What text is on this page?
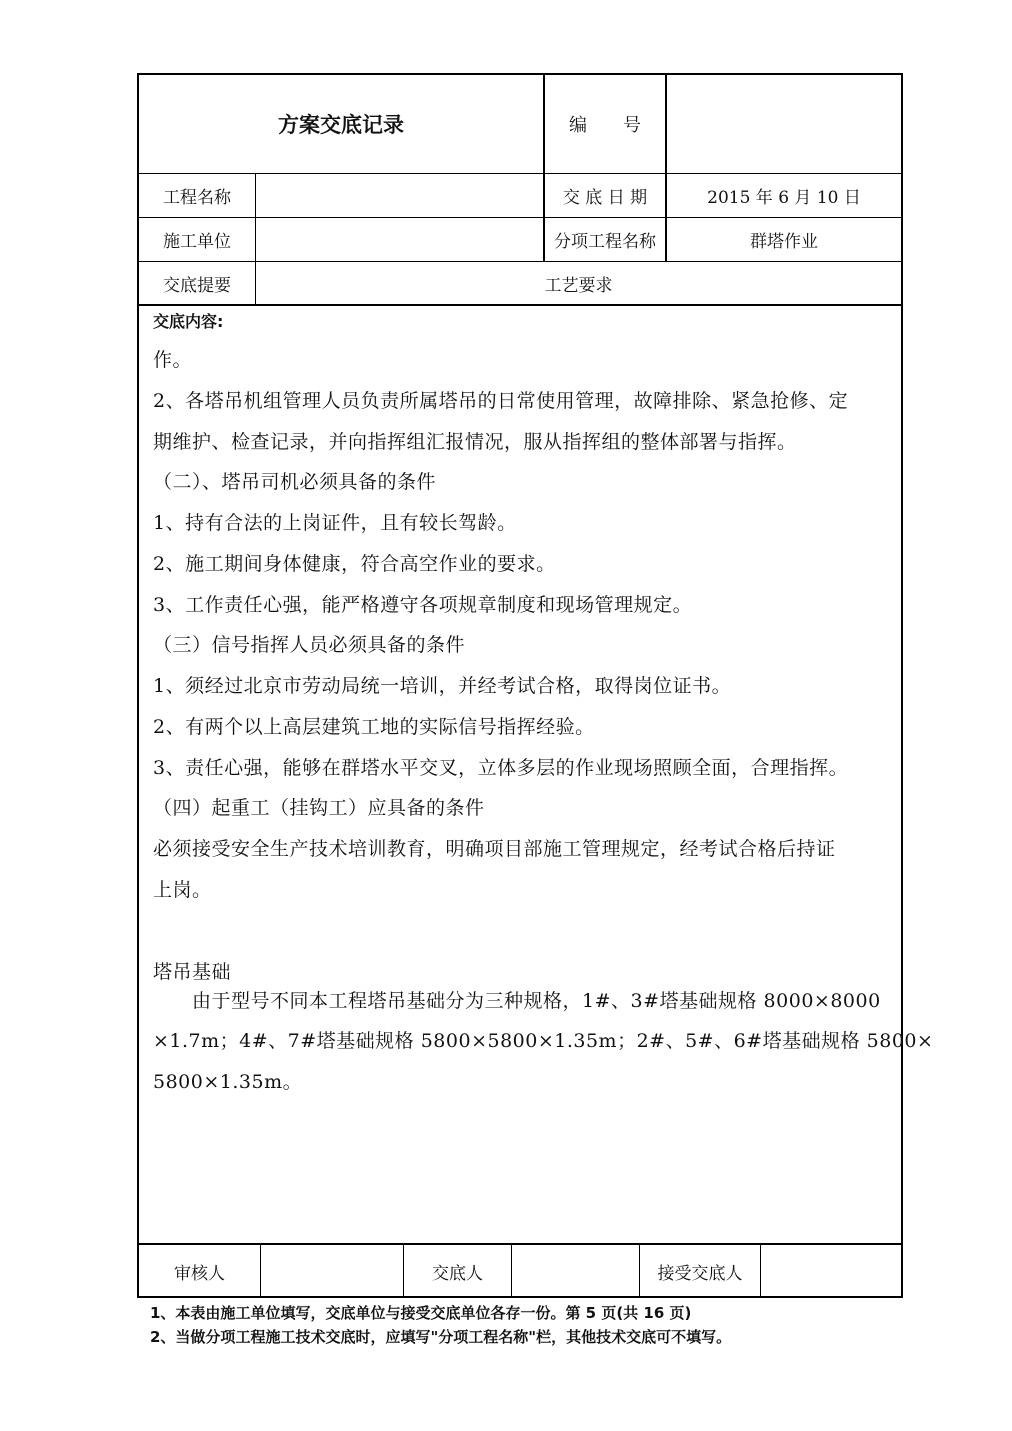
方案交底记录	编　　号
工程名称	交 底 日 期	2015 年 6 月 10 日
施工单位	分项工程名称	群塔作业
交底提要	工艺要求
交底内容:
作。
2、各塔吊机组管理人员负责所属塔吊的日常使用管理，故障排除、紧急抢修、定
期维护、检查记录，并向指挥组汇报情况，服从指挥组的整体部署与指挥。
（二）、塔吊司机必须具备的条件
1、持有合法的上岗证件，且有较长驾龄。
2、施工期间身体健康，符合高空作业的要求。
3、工作责任心强，能严格遵守各项规章制度和现场管理规定。
（三）信号指挥人员必须具备的条件
1、须经过北京市劳动局统一培训，并经考试合格，取得岗位证书。
2、有两个以上高层建筑工地的实际信号指挥经验。
3、责任心强，能够在群塔水平交叉，立体多层的作业现场照顾全面，合理指挥。
（四）起重工（挂钩工）应具备的条件
必须接受安全生产技术培训教育，明确项目部施工管理规定，经考试合格后持证
上岗。
塔吊基础
　　由于型号不同本工程塔吊基础分为三种规格，1#、3#塔基础规格 8000×8000
×1.7m；4#、7#塔基础规格 5800×5800×1.35m；2#、5#、6#塔基础规格 5800×
5800×1.35m。
审核人	交底人	接受交底人
1、本表由施工单位填写，交底单位与接受交底单位各存一份。第 5 页(共 16 页)
2、当做分项工程施工技术交底时，应填写"分项工程名称"栏，其他技术交底可不填写。
